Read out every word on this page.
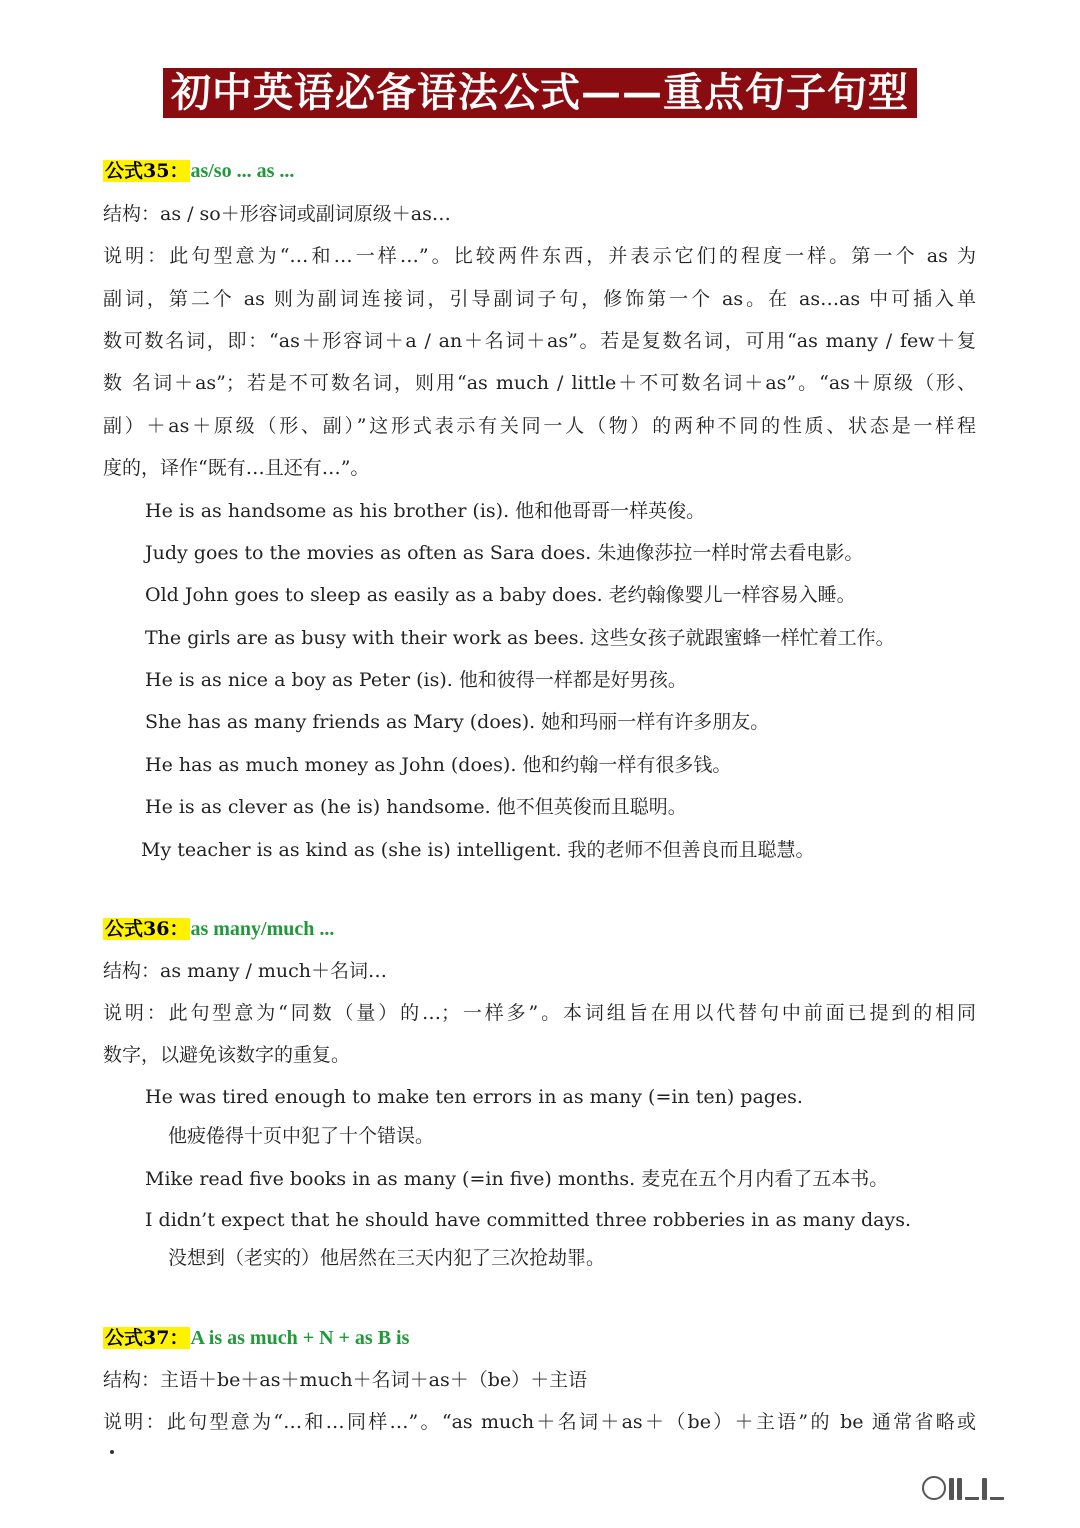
初中英语必备语法公式——重点句子句型
公式35： as/so ... as ...
结构：as / so＋形容词或副词原级＋as…
说明：此句型意为“…和…一样…”。比较两件东西，并表示它们的程度一样。第一个 as 为
副词，第二个 as 则为副词连接词，引导副词子句，修饰第一个 as。在 as…as 中可插入单
数可数名词，即：“as＋形容词＋a / an＋名词＋as”。若是复数名词，可用“as many / few＋复
数 名词＋as”；若是不可数名词，则用“as much / little＋不可数名词＋as”。“as＋原级（形、
副）＋as＋原级（形、副）”这形式表示有关同一人（物）的两种不同的性质、状态是一样程
度的，译作“既有…且还有…”。
He is as handsome as his brother (is). 他和他哥哥一样英俊。
Judy goes to the movies as often as Sara does. 朱迪像莎拉一样时常去看电影。
Old John goes to sleep as easily as a baby does. 老约翰像婴儿一样容易入睡。
The girls are as busy with their work as bees. 这些女孩子就跟蜜蜂一样忙着工作。
He is as nice a boy as Peter (is). 他和彼得一样都是好男孩。
She has as many friends as Mary (does). 她和玛丽一样有许多朋友。
He has as much money as John (does). 他和约翰一样有很多钱。
He is as clever as (he is) handsome. 他不但英俊而且聪明。
My teacher is as kind as (she is) intelligent. 我的老师不但善良而且聪慧。
公式36： as many/much ...
结构：as many / much＋名词…
说明：此句型意为“同数（量）的…；一样多”。本词组旨在用以代替句中前面已提到的相同
数字，以避免该数字的重复。
He was tired enough to make ten errors in as many (=in ten) pages.
他疲倦得十页中犯了十个错误。
Mike read five books in as many (=in five) months. 麦克在五个月内看了五本书。
I didn’t expect that he should have committed three robberies in as many days.
没想到（老实的）他居然在三天内犯了三次抢劫罪。
公式37： A is as much + N + as B is
结构：主语＋be＋as＋much＋名词＋as＋（be）＋主语
说明：此句型意为“…和…同样…”。“as much＋名词＋as＋（be）＋主语”的 be 通常省略或
